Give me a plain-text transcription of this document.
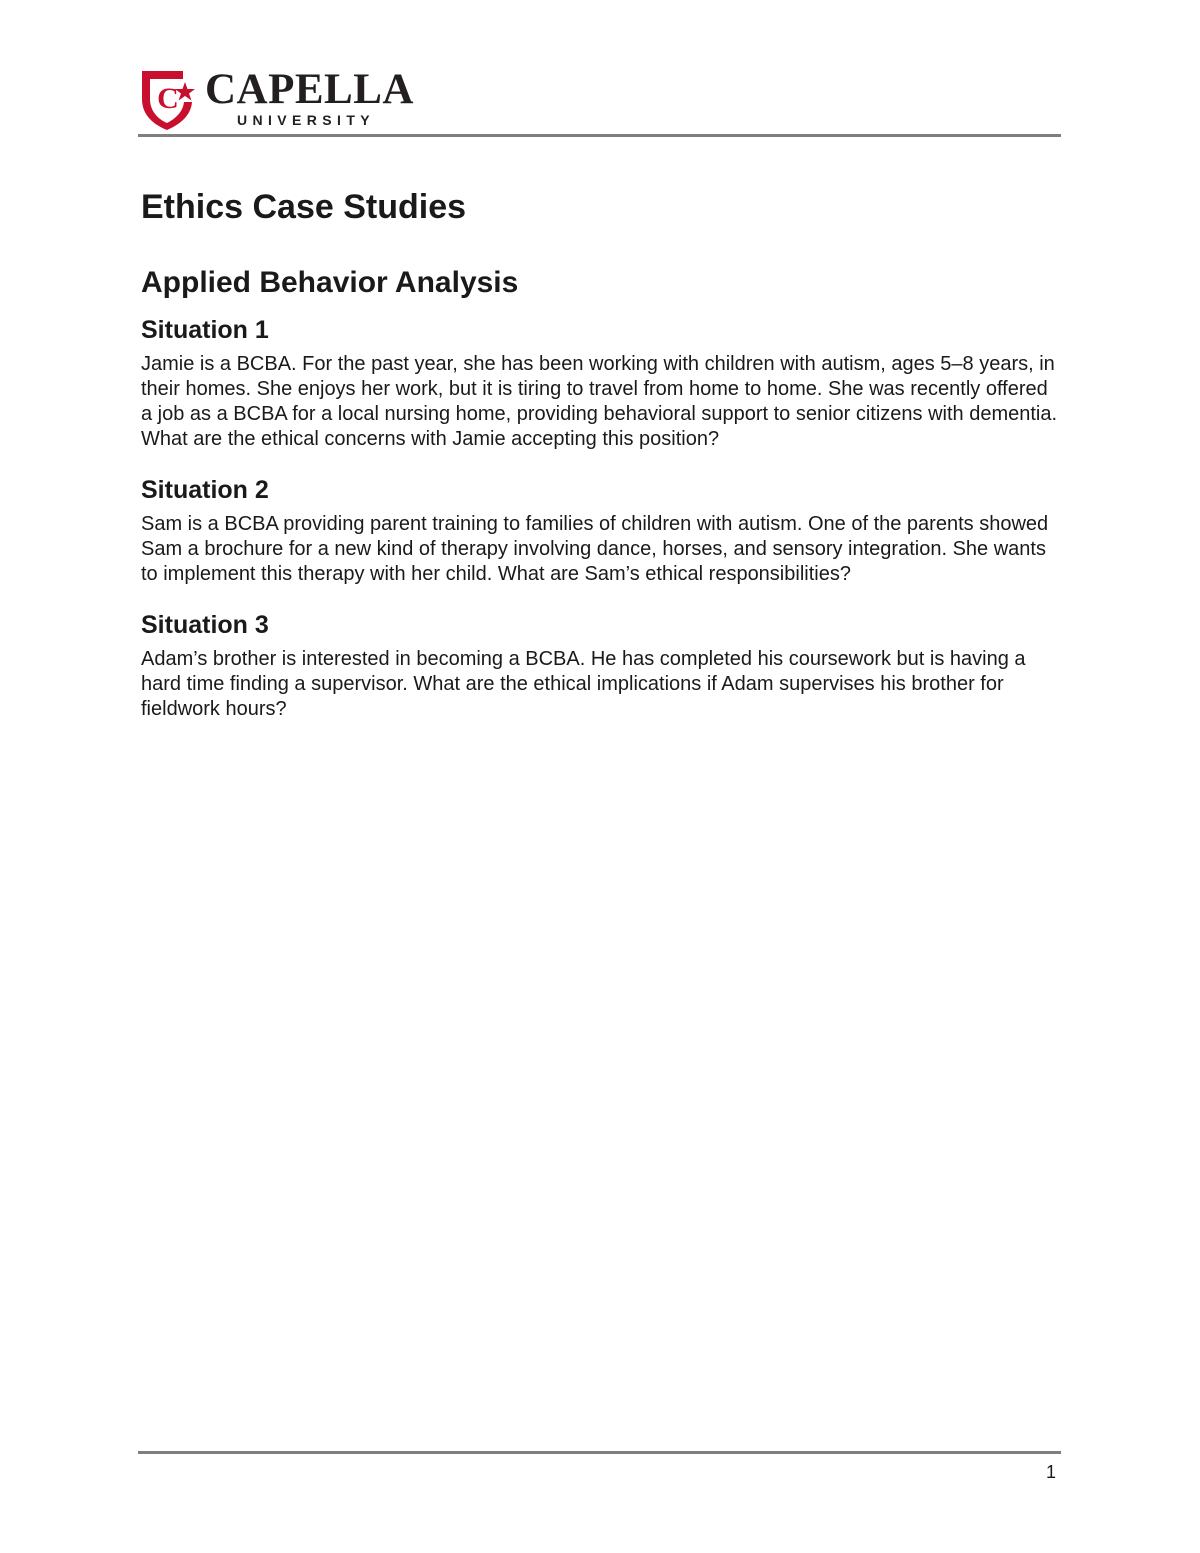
C CAPELLA
UNIVERSITY
Ethics Case Studies
Applied Behavior Analysis
Situation 1

Jamie is a BCBA. For the past year, she has been working with children with autism, ages 5–8 years, in their homes. She enjoys her work, but it is tiring to travel from home to home. She was recently offered a job as a BCBA for a local nursing home, providing behavioral support to senior citizens with dementia. What are the ethical concerns with Jamie accepting this position?

Situation 2

Sam is a BCBA providing parent training to families of children with autism. One of the parents showed Sam a brochure for a new kind of therapy involving dance, horses, and sensory integration. She wants to implement this therapy with her child. What are Sam’s ethical responsibilities?

Situation 3

Adam’s brother is interested in becoming a BCBA. He has completed his coursework but is having a hard time finding a supervisor. What are the ethical implications if Adam supervises his brother for fieldwork hours?

1
